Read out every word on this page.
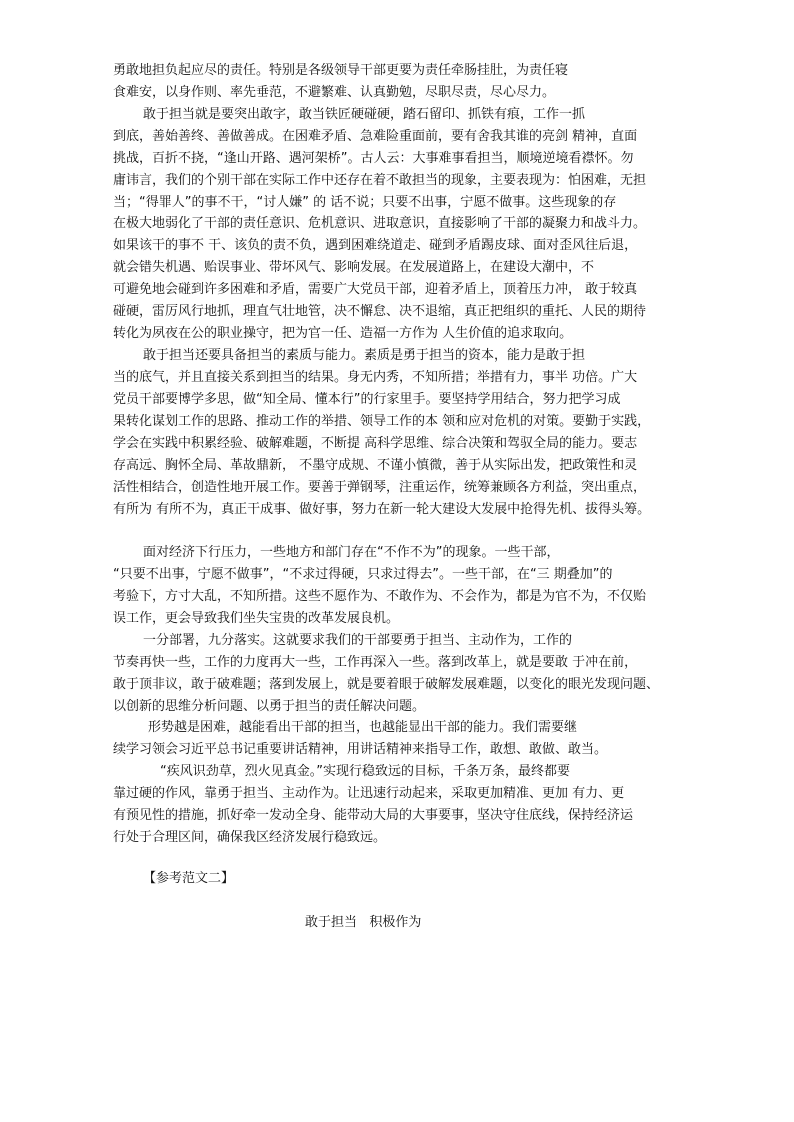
勇敢地担负起应尽的责任。特别是各级领导干部更要为责任牵肠挂肚，为责任寝
食难安，以身作则、率先垂范，不避繁难、认真勤勉，尽职尽责，尽心尽力。
敢于担当就是要突出敢字，敢当铁匠硬碰硬，踏石留印、抓铁有痕，工作一抓
到底，善始善终、善做善成。在困难矛盾、急难险重面前，要有舍我其谁的亮剑 精神，直面
挑战，百折不挠，“逢山开路、遇河架桥”。古人云：大事难事看担当，顺境逆境看襟怀。勿
庸讳言，我们的个别干部在实际工作中还存在着不敢担当的现象，主要表现为：怕困难，无担
当；“得罪人”的事不干，“讨人嫌” 的 话不说；只要不出事，宁愿不做事。这些现象的存
在极大地弱化了干部的责任意识、危机意识、进取意识，直接影响了干部的凝聚力和战斗力。
如果该干的事不 干、该负的责不负，遇到困难绕道走、碰到矛盾踢皮球、面对歪风往后退，
就会错失机遇、贻误事业、带坏风气、影响发展。在发展道路上，在建设大潮中，不
可避免地会碰到许多困难和矛盾，需要广大党员干部，迎着矛盾上，顶着压力冲， 敢于较真
碰硬，雷厉风行地抓，理直气壮地管，决不懈怠、决不退缩，真正把组织的重托、人民的期待
转化为夙夜在公的职业操守，把为官一任、造福一方作为 人生价值的追求取向。
敢于担当还要具备担当的素质与能力。素质是勇于担当的资本，能力是敢于担
当的底气，并且直接关系到担当的结果。身无内秀，不知所措；举措有力，事半 功倍。广大
党员干部要博学多思，做“知全局、懂本行”的行家里手。要坚持学用结合，努力把学习成
果转化谋划工作的思路、推动工作的举措、领导工作的本 领和应对危机的对策。要勤于实践，
学会在实践中积累经验、破解难题，不断提 高科学思维、综合决策和驾驭全局的能力。要志
存高远、胸怀全局、革故鼎新， 不墨守成规、不谨小慎微，善于从实际出发，把政策性和灵
活性相结合，创造性地开展工作。要善于弹钢琴，注重运作，统筹兼顾各方利益，突出重点，
有所为 有所不为，真正干成事、做好事，努力在新一轮大建设大发展中抢得先机、拔得头筹。
面对经济下行压力，一些地方和部门存在“不作不为”的现象。一些干部，
“只要不出事，宁愿不做事”，“不求过得硬，只求过得去”。一些干部，在“三 期叠加”的
考验下，方寸大乱，不知所措。这些不愿作为、不敢作为、不会作为，都是为官不为，不仅贻
误工作，更会导致我们坐失宝贵的改革发展良机。
一分部署，九分落实。这就要求我们的干部要勇于担当、主动作为，工作的
节奏再快一些，工作的力度再大一些，工作再深入一些。落到改革上，就是要敢 于冲在前，
敢于顶非议，敢于破难题；落到发展上，就是要着眼于破解发展难题，以变化的眼光发现问题、
以创新的思维分析问题、以勇于担当的责任解决问题。
形势越是困难，越能看出干部的担当，也越能显出干部的能力。我们需要继
续学习领会习近平总书记重要讲话精神，用讲话精神来指导工作，敢想、敢做、敢当。
“疾风识劲草，烈火见真金。”实现行稳致远的目标，千条万条，最终都要
靠过硬的作风，靠勇于担当、主动作为。让迅速行动起来，采取更加精准、更加 有力、更
有预见性的措施，抓好牵一发动全身、能带动大局的大事要事，坚决守住底线，保持经济运
行处于合理区间，确保我区经济发展行稳致远。
【参考范文二】
敢于担当   积极作为
